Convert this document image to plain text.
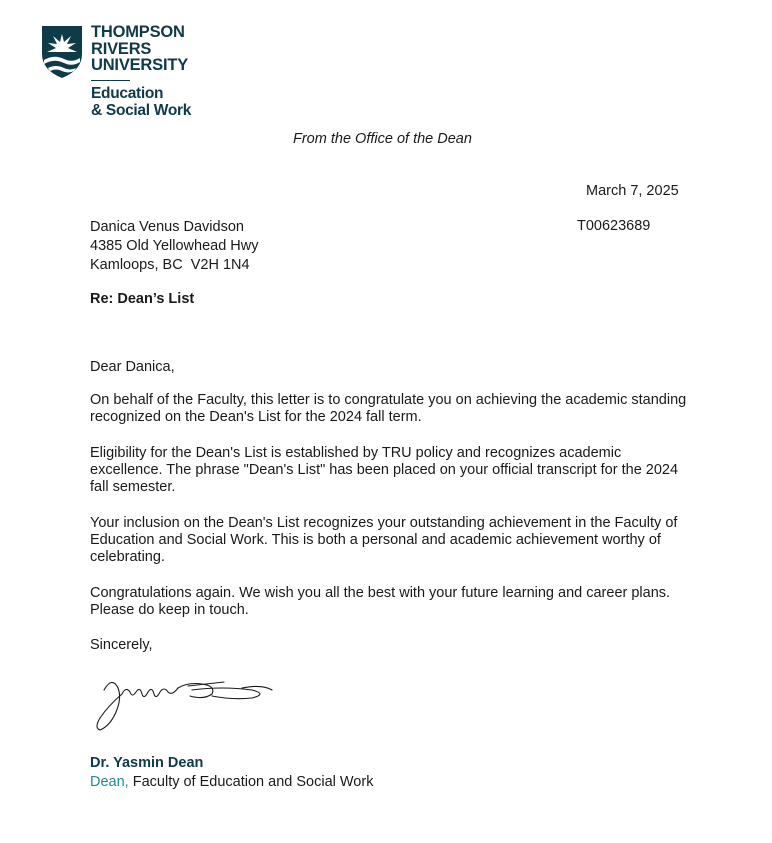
THOMPSON
RIVERS
UNIVERSITY
Education
& Social Work
From the Office of the Dean
March 7, 2025
Danica Venus Davidson
4385 Old Yellowhead Hwy
Kamloops, BC  V2H 1N4
T00623689
Re: Dean’s List
Dear Danica,

On behalf of the Faculty, this letter is to congratulate you on achieving the academic standing recognized on the Dean's List for the 2024 fall term.

Eligibility for the Dean's List is established by TRU policy and recognizes academic excellence. The phrase "Dean's List" has been placed on your official transcript for the 2024 fall semester.

Your inclusion on the Dean's List recognizes your outstanding achievement in the Faculty of Education and Social Work. This is both a personal and academic achievement worthy of celebrating.

Congratulations again. We wish you all the best with your future learning and career plans. Please do keep in touch.

Sincerely,
Dr. Yasmin Dean
Dean, Faculty of Education and Social Work
